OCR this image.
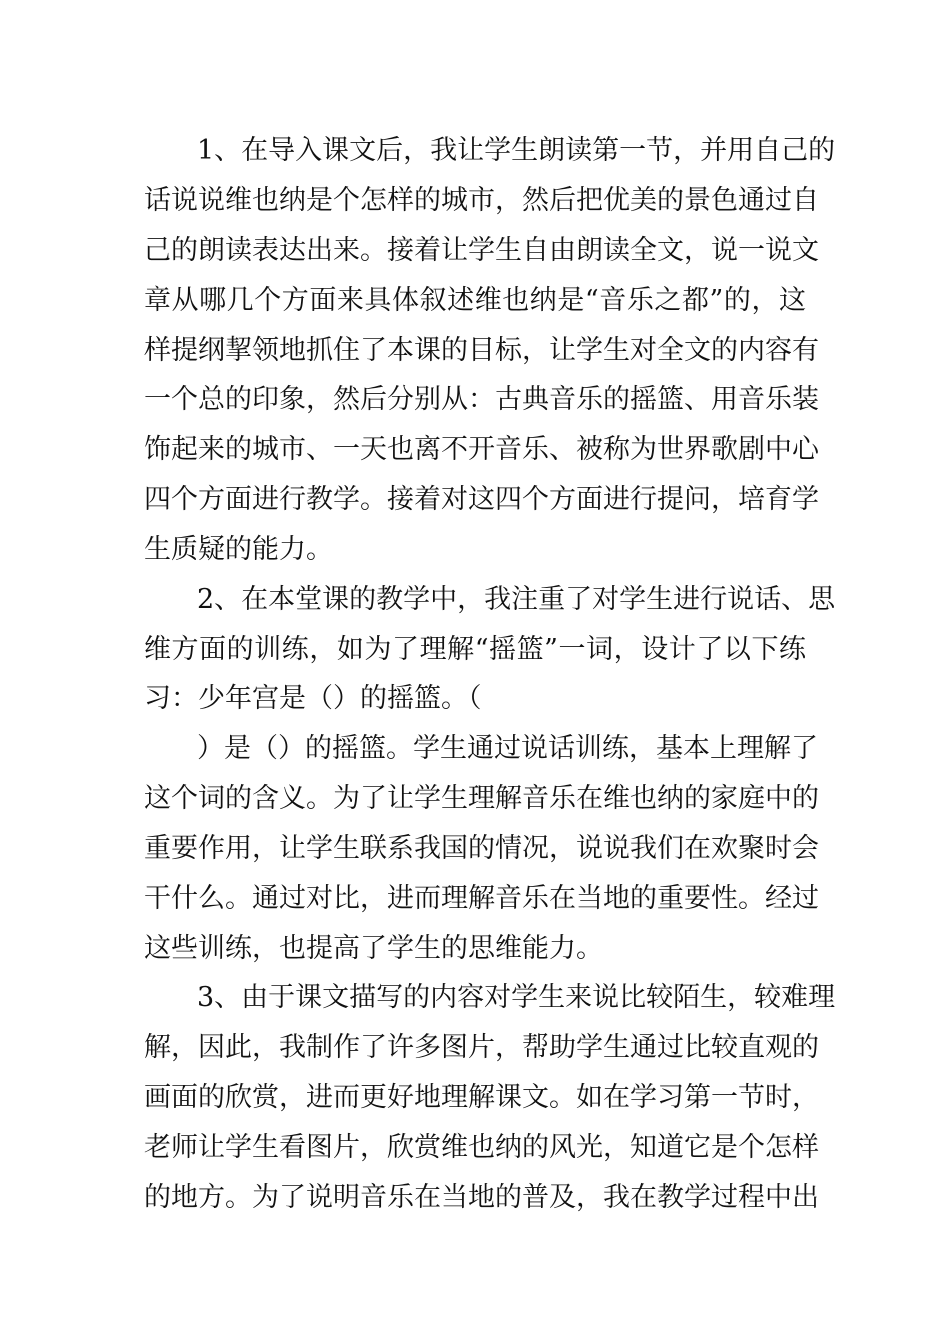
1、在导入课文后，我让学生朗读第一节，并用自己的
话说说维也纳是个怎样的城市，然后把优美的景色通过自
己的朗读表达出来。接着让学生自由朗读全文，说一说文
章从哪几个方面来具体叙述维也纳是“音乐之都”的，这
样提纲挈领地抓住了本课的目标，让学生对全文的内容有
一个总的印象，然后分别从：古典音乐的摇篮、用音乐装
饰起来的城市、一天也离不开音乐、被称为世界歌剧中心
四个方面进行教学。接着对这四个方面进行提问，培育学
生质疑的能力。
2、在本堂课的教学中，我注重了对学生进行说话、思
维方面的训练，如为了理解“摇篮”一词，设计了以下练
习：少年宫是（）的摇篮。（
）是（）的摇篮。学生通过说话训练，基本上理解了
这个词的含义。为了让学生理解音乐在维也纳的家庭中的
重要作用，让学生联系我国的情况，说说我们在欢聚时会
干什么。通过对比，进而理解音乐在当地的重要性。经过
这些训练，也提高了学生的思维能力。
3、由于课文描写的内容对学生来说比较陌生，较难理
解，因此，我制作了许多图片，帮助学生通过比较直观的
画面的欣赏，进而更好地理解课文。如在学习第一节时，
老师让学生看图片，欣赏维也纳的风光，知道它是个怎样
的地方。为了说明音乐在当地的普及，我在教学过程中出
